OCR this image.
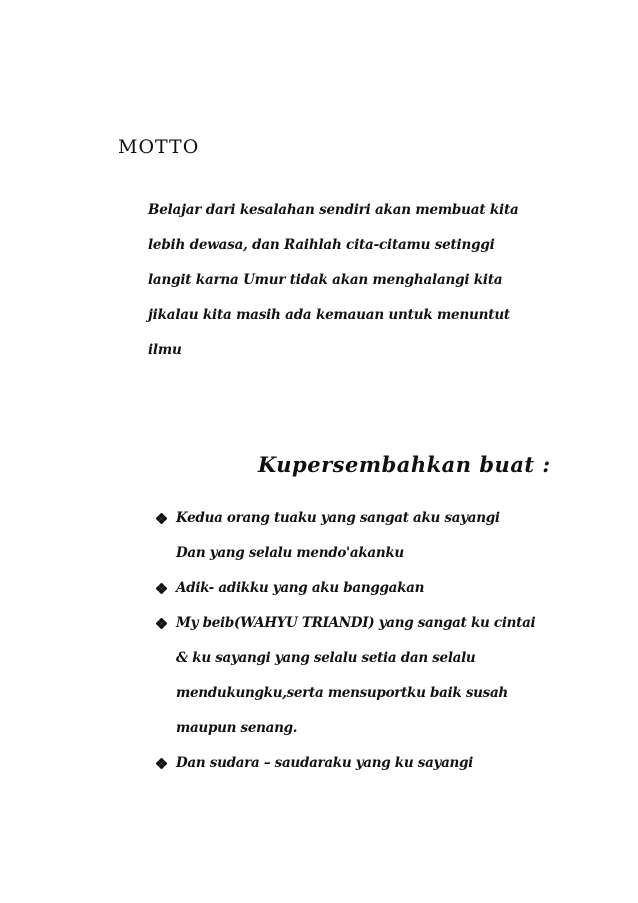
MOTTO
Belajar dari kesalahan sendiri akan membuat kita
lebih dewasa, dan Raihlah cita-citamu setinggi
langit karna Umur tidak akan menghalangi kita
jikalau kita masih ada kemauan untuk menuntut
ilmu
Kupersembahkan buat :
Kedua orang tuaku yang sangat aku sayangi
Dan yang selalu mendo'akanku
Adik- adikku yang aku banggakan
My beib(WAHYU TRIANDI) yang sangat ku cintai
& ku sayangi yang selalu setia dan selalu
mendukungku,serta mensuportku baik susah
maupun senang.
Dan sudara – saudaraku yang ku sayangi
